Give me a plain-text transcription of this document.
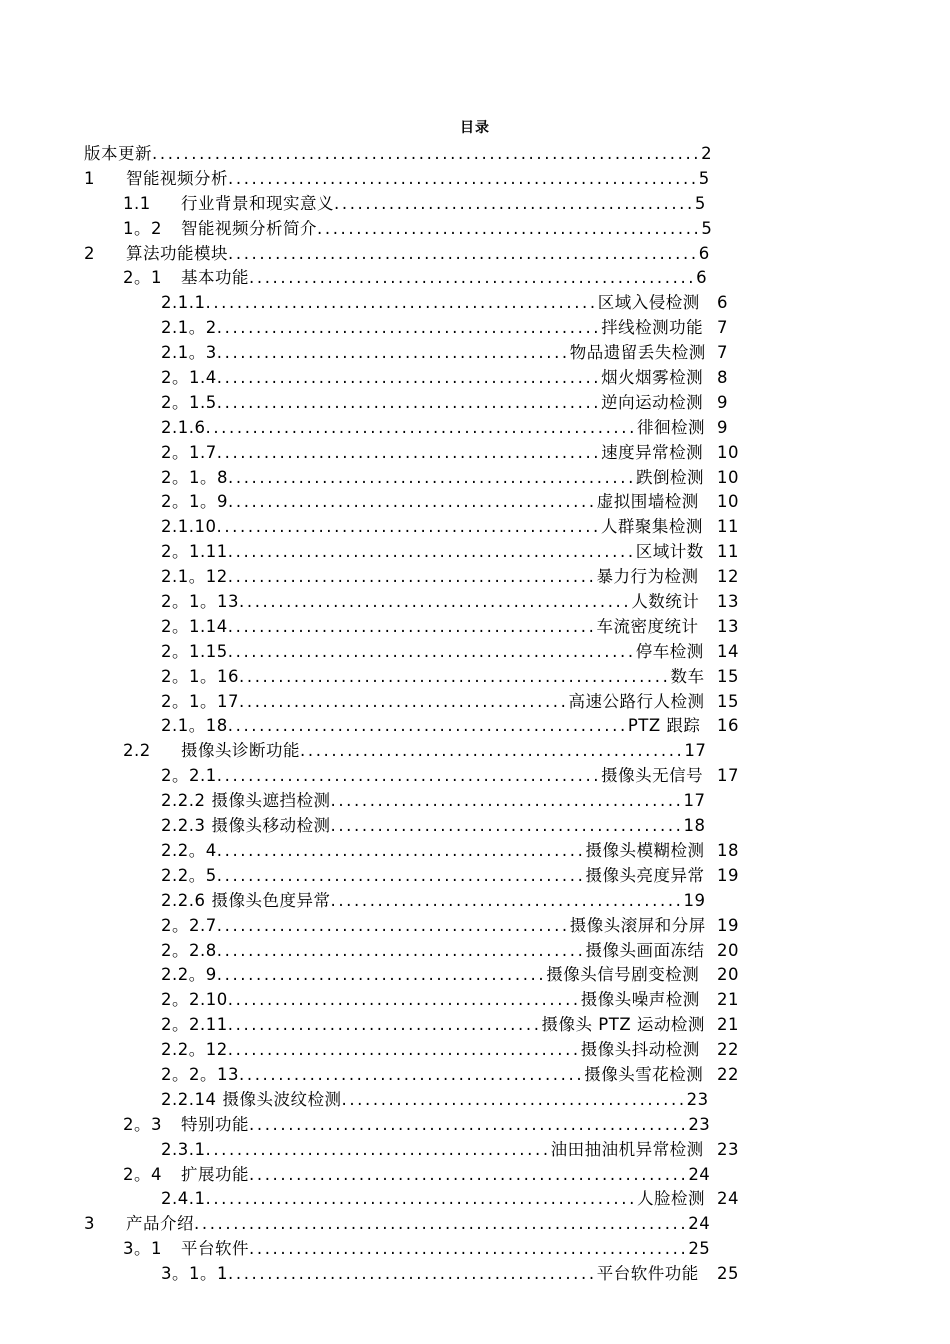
目录
版本更新......................................................................2
1 智能视频分析............................................................5
1.1 行业背景和现实意义..............................................5
1。2 智能视频分析简介.................................................5
2 算法功能模块............................................................6
2。1 基本功能.........................................................6
2.1.1..................................................区域入侵检测 6
2.1。2.................................................拌线检测功能 7
2.1。3.............................................物品遗留丢失检测 7
2。1.4.................................................烟火烟雾检测 8
2。1.5.................................................逆向运动检测 9
2.1.6.......................................................徘徊检测 9
2。1.7.................................................速度异常检测 10
2。1。8....................................................跌倒检测 10
2。1。9...............................................虚拟围墙检测 10
2.1.10.................................................人群聚集检测 11
2。1.11....................................................区域计数 11
2.1。12...............................................暴力行为检测 12
2。1。13..................................................人数统计 13
2。1.14...............................................车流密度统计 13
2。1.15....................................................停车检测 14
2。1。16.......................................................数车 15
2。1。17..........................................高速公路行人检测 15
2.1。18...................................................PTZ 跟踪 16
2.2 摄像头诊断功能.................................................17
2。2.1.................................................摄像头无信号 17
2.2.2 摄像头遮挡检测.............................................17
2.2.3 摄像头移动检测.............................................18
2.2。4...............................................摄像头模糊检测 18
2.2。5...............................................摄像头亮度异常 19
2.2.6 摄像头色度异常.............................................19
2。2.7.............................................摄像头滚屏和分屏 19
2。2.8...............................................摄像头画面冻结 20
2.2。9..........................................摄像头信号剧变检测 20
2。2.10.............................................摄像头噪声检测 21
2。2.11........................................摄像头 PTZ 运动检测 21
2.2。12.............................................摄像头抖动检测 22
2。2。13............................................摄像头雪花检测 22
2.2.14 摄像头波纹检测............................................23
2。3 特别功能........................................................23
2.3.1............................................油田抽油机异常检测 23
2。4 扩展功能........................................................24
2.4.1.......................................................人脸检测 24
3 产品介绍...............................................................24
3。1 平台软件........................................................25
3。1。1...............................................平台软件功能 25
